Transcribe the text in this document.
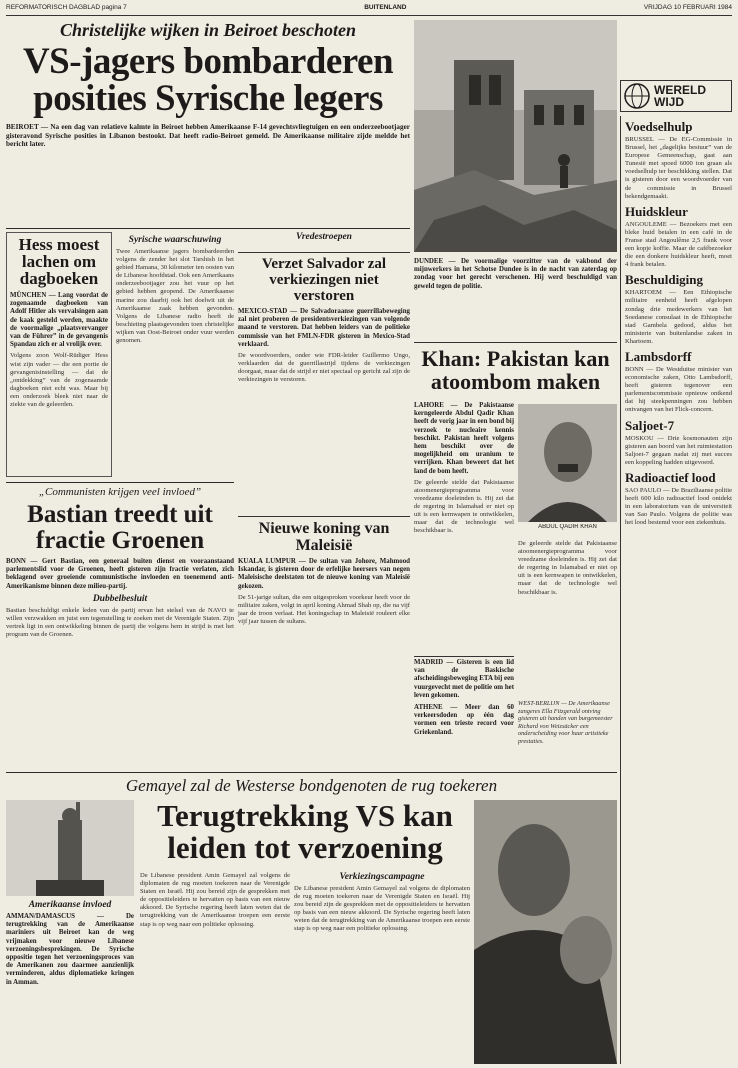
REFORMATORISCH DAGBLAD pagina 7	BUITENLAND	VRIJDAG 10 FEBRUARI 1984
Christelijke wijken in Beiroet beschoten
VS-jagers bombarderen
posities Syrische legers
BEIROET — Na een dag van relatieve kalmte in Beiroet hebben Amerikaanse F-14 gevechtsvliegtuigen en een onderzeebootjager gisteravond Syrische posities in Libanon bestookt. Dat heeft radio-Beiroet gemeld. De Amerikaanse militaire zijde meldde het bericht later.
Hess moest lachen om dagboeken
MÜNCHEN — Lang voordat de zogenaamde dagboeken van Adolf Hitler als vervalsingen aan de kaak gesteld werden, maakte de voormalige „plaatsvervanger van de Führer” in de gevangenis Spandau zich er al vrolijk over.
Volgens zoon Wolf-Rüdiger Hess wist zijn vader — die een portie de gevangenisinstelling — dat de „ontdekking” van de zogenaamde dagboeken niet echt was. Maar bij een onderzoek bleek niet naar de ziekte van de geleerden.
Syrische waarschuwing
Twee Amerikaanse jagers bombardeerden volgens de zender het slot Tarshish in het gebied Hamana, 30 kilometer ten oosten van de Libanese hoofdstad. Ook een Amerikaans onderzeebootjager zou het vuur op het gebied hebben geopend. De Amerikaanse marine zou daarbij ook het doelwit uit de Amerikaanse zaak hebben gevonden. Volgens de Libanese radio heeft de beschieting plaatsgevonden toen christelijke wijken van Oost-Beiroet onder vuur werden genomen.
Vredestroepen
Verzet Salvador zal verkiezingen niet verstoren
MEXICO-STAD — De Salvadoraanse guerrillabeweging zal niet proberen de presidentsverkiezingen van volgende maand te verstoren. Dat hebben leiders van de politieke commissie van het FMLN-FDR gisteren in Mexico-Stad verklaard.
De woordvoerders, onder wie FDR-leider Guillermo Ungo, verklaarden dat de guerrillastrijd tijdens de verkiezingen doorgaat, maar dat de strijd er niet speciaal op gericht zal zijn de verkiezingen te verstoren.
„Communisten krijgen veel invloed”
Bastian treedt uit fractie Groenen
BONN — Gert Bastian, een generaal buiten dienst en vooraanstaand parlementslid voor de Groenen, heeft gisteren zijn fractie verlaten, zich beklagend over groeiende communistische invloeden en toenemend anti-Amerikanisme binnen deze milieu-partij.
Dubbelbesluit
Bastian beschuldigt enkele leden van de partij ervan het stelsel van de NAVO te willen verzwakken en juist een tegenstelling te zoeken met de Verenigde Staten. Zijn vertrek ligt in een ontwikkeling binnen de partij die volgens hem in strijd is met het program van de Groenen.
Nieuwe koning van Maleisië
KUALA LUMPUR — De sultan van Johore, Mahmood Iskandar, is gisteren door de erfelijke heersers van negen Maleisische deelstaten tot de nieuwe koning van Maleisië gekozen.
De 51-jarige sultan, die een uitgesproken voorkeur heeft voor de militaire zaken, volgt in april koning Ahmad Shah op, die na vijf jaar de troon verlaat. Het koningschap in Maleisië rouleert elke vijf jaar tussen de sultans.
WERELD
WIJD
Voedselhulp
BRUSSEL — De EG-Commissie in Brussel, het „dagelijks bestuur” van de Europese Gemeenschap, gaat aan Tunesië met spoed 6000 ton graan als voedselhulp ter beschikking stellen. Dat is gisteren door een woordvoerder van de commissie in Brussel bekendgemaakt.
Huidskleur
ANGOULEME — Bezoekers met een bleke huid betalen in een café in de Franse stad Angoulême 2,5 frank voor een kopje koffie. Maar de cafébezoeker die een donkere huidskleur heeft, moet 4 frank betalen.
Beschuldiging
KHARTOEM — Een Ethiopische militaire eenheid heeft afgelopen zondag drie medewerkers van het Soedanese consulaat in de Ethiopische stad Gambela gedood, aldus het ministerie van buitenlandse zaken in Khartoem.
Lambsdorff
BONN — De Westduitse minister van economische zaken, Otto Lambsdorff, heeft gisteren tegenover een parlementscommissie opnieuw ontkend dat hij steekpenningen zou hebben ontvangen van het Flick-concern.
Saljoet-7
MOSKOU — Drie kosmonauten zijn gisteren aan boord van het ruimtestation Saljoet-7 gegaan nadat zij met succes een koppeling hadden uitgevoerd.
Radioactief lood
SAO PAULO — De Braziliaanse politie heeft 600 kilo radioactief lood ontdekt in een laboratorium van de universiteit van Sao Paulo. Volgens de politie was het lood bestemd voor een ziekenhuis.
DUNDEE — De voormalige voorzitter van de vakbond der mijnwerkers in het Schotse Dundee is in de nacht van zaterdag op zondag voor het gerecht verschenen. Hij werd beschuldigd van geweld tegen de politie.
Khan: Pakistan kan atoombom maken
LAHORE — De Pakistaanse kerngeleerde Abdul Qadir Khan heeft de vorig jaar in een bond bij verzoek te nucleaire kennis beschikt. Pakistan heeft volgens hem beschikt over de mogelijkheid om uranium te verrijken. Khan beweert dat het land de bom heeft.
De geleerde stelde dat Pakistaanse atoomenergieprogramma voor vreedzame doeleinden is. Hij zei dat de regering in Islamabad er niet op uit is een kernwapen te ontwikkelen, maar dat de technologie wel beschikbaar is.
ABDUL QADIR KHAN
De geleerde stelde dat Pakistaanse atoomenergieprogramma voor vreedzame doeleinden is. Hij zei dat de regering in Islamabad er niet op uit is een kernwapen te ontwikkelen, maar dat de technologie wel beschikbaar is.
MADRID — Gisteren is een lid van de Baskische afscheidingsbeweging ETA bij een vuurgevecht met de politie om het leven gekomen.
ATHENE — Meer dan 60 verkeersdoden op één dag vormen een trieste record voor Griekenland.
WEST-BERLIJN — De Amerikaanse zangeres Ella Fitzgerald ontving gisteren uit handen van burgemeester Richard von Weizsäcker een onderscheiding voor haar artistieke prestaties.
Gemayel zal de Westerse bondgenoten de rug toekeren
Terugtrekking VS kan
leiden tot verzoening
Amerikaanse invloed
AMMAN/DAMASCUS — De terugtrekking van de Amerikaanse mariniers uit Beiroet kan de weg vrijmaken voor nieuwe Libanese verzoeningsbesprekingen. De Syrische oppositie tegen het verzoeningsproces van de Amerikanen zou daarmee aanzienlijk verminderen, aldus diplomatieke kringen in Amman.
De Libanese president Amin Gemayel zal volgens de diplomaten de rug moeten toekeren naar de Verenigde Staten en Israël. Hij zou bereid zijn de gesprekken met de oppositieleiders te hervatten op basis van een nieuw akkoord. De Syrische regering heeft laten weten dat de terugtrekking van de Amerikaanse troepen een eerste stap is op weg naar een politieke oplossing.
Verkiezingscampagne
De Libanese president Amin Gemayel zal volgens de diplomaten de rug moeten toekeren naar de Verenigde Staten en Israël. Hij zou bereid zijn de gesprekken met de oppositieleiders te hervatten op basis van een nieuw akkoord. De Syrische regering heeft laten weten dat de terugtrekking van de Amerikaanse troepen een eerste stap is op weg naar een politieke oplossing.
